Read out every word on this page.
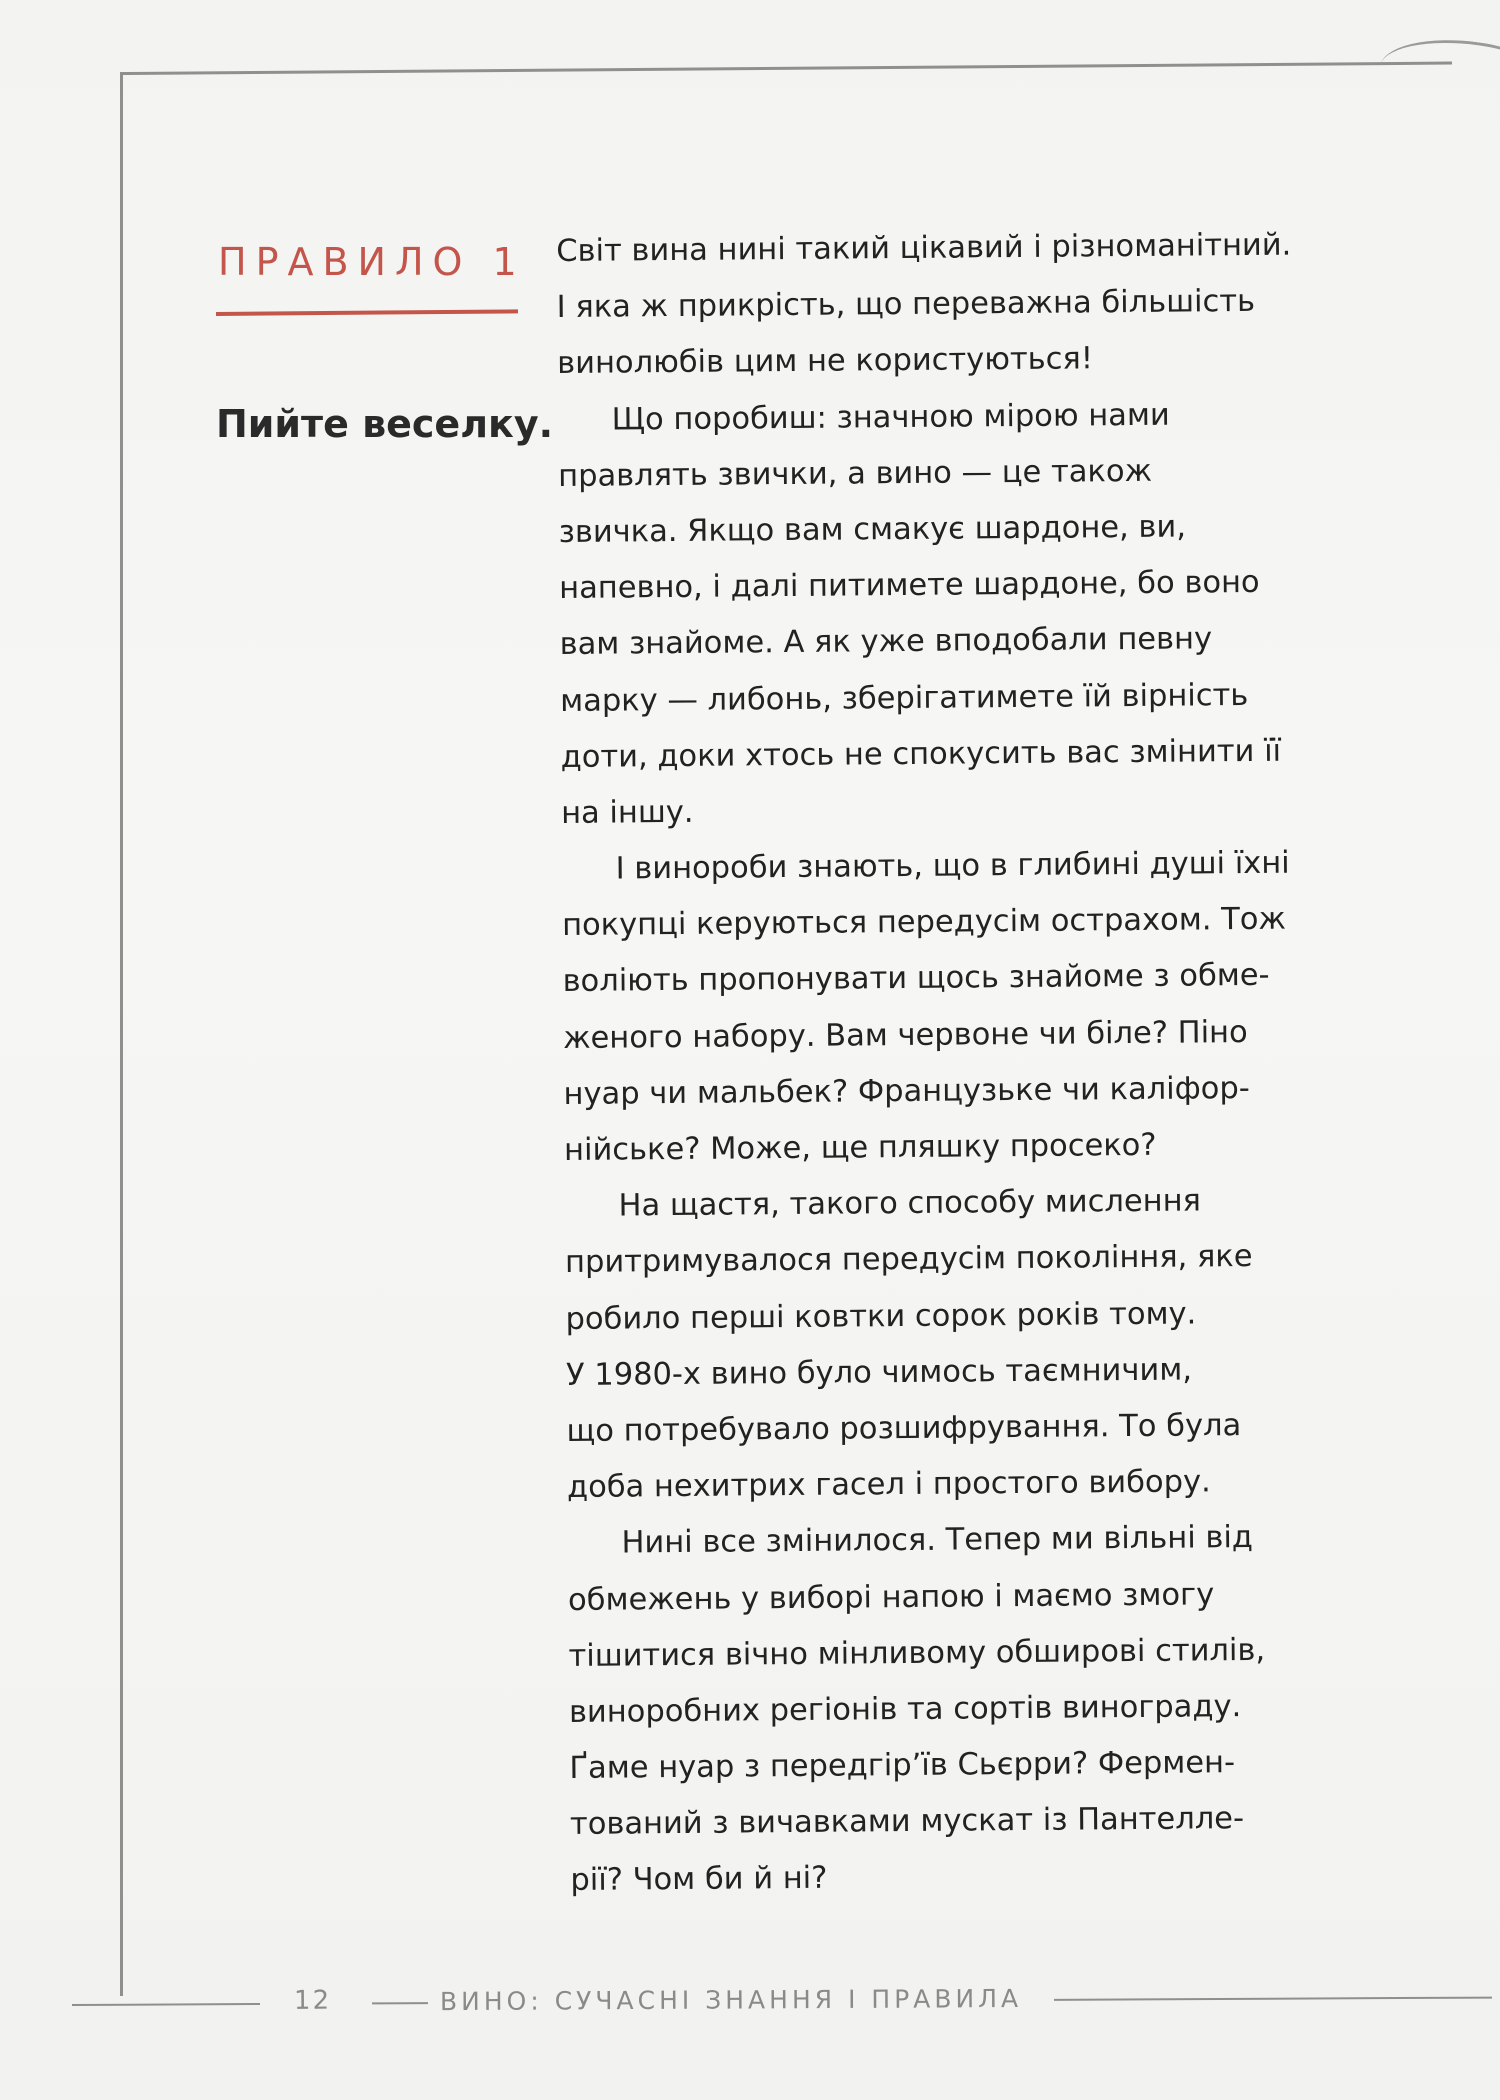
ПРАВИЛО 1
Пийте веселку.
Світ вина нині такий цікавий і різноманітний.
І яка ж прикрість, що переважна більшість
винолюбів цим не користуються!
Що поробиш: значною мірою нами
правлять звички, а вино — це також
звичка. Якщо вам смакує шардоне, ви,
напевно, і далі питимете шардоне, бо воно
вам знайоме. А як уже вподобали певну
марку — либонь, зберігатимете їй вірність
доти, доки хтось не спокусить вас змінити її
на іншу.
І винороби знають, що в глибині душі їхні
покупці керуються передусім острахом. Тож
воліють пропонувати щось знайоме з обме-
женого набору. Вам червоне чи біле? Піно
нуар чи мальбек? Французьке чи каліфор-
нійське? Може, ще пляшку просеко?
На щастя, такого способу мислення
притримувалося передусім покоління, яке
робило перші ковтки сорок років тому.
У 1980-х вино було чимось таємничим,
що потребувало розшифрування. То була
доба нехитрих гасел і простого вибору.
Нині все змінилося. Тепер ми вільні від
обмежень у виборі напою і маємо змогу
тішитися вічно мінливому обширові стилів,
виноробних регіонів та сортів винограду.
Ґаме нуар з передгір’їв Сьєрри? Фермен-
тований з вичавками мускат із Пантелле-
рії? Чом би й ні?
12	ВИНО: СУЧАСНІ ЗНАННЯ І ПРАВИЛА
